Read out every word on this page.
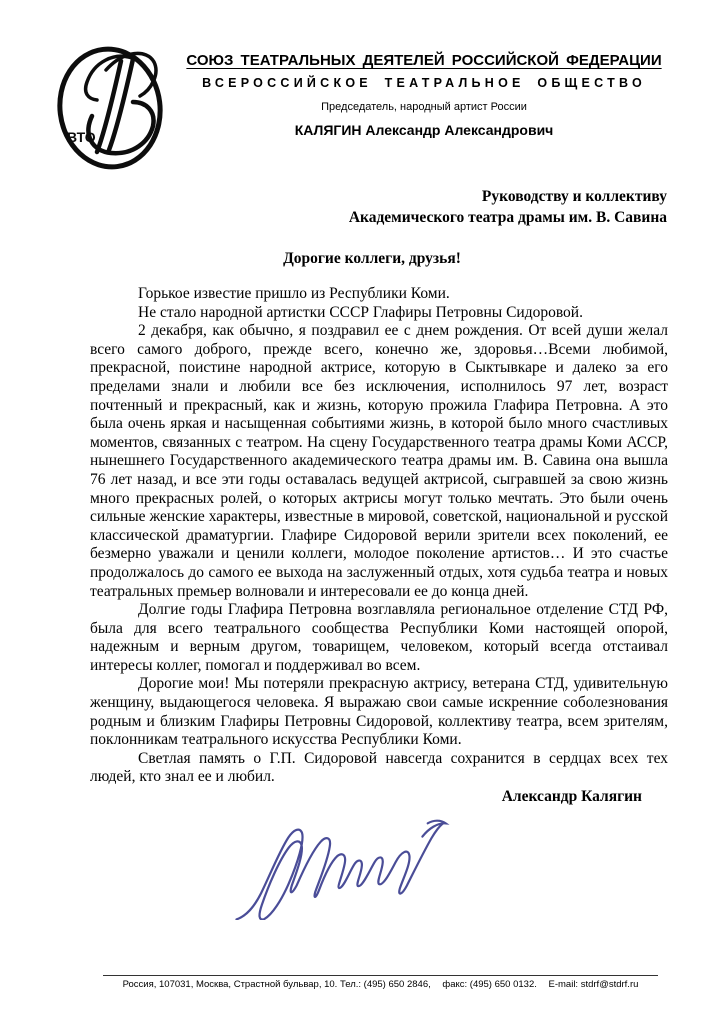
ВТО
СОЮЗ ТЕАТРАЛЬНЫХ ДЕЯТЕЛЕЙ РОССИЙСКОЙ ФЕДЕРАЦИИ
ВСЕРОССИЙСКОЕ ТЕАТРАЛЬНОЕ ОБЩЕСТВО
Председатель, народный артист России
КАЛЯГИН Александр Александрович
Руководству и коллективу
Академического театра драмы им. В. Савина
Дорогие коллеги, друзья!

Горькое известие пришло из Республики Коми.

Не стало народной артистки СССР Глафиры Петровны Сидоровой.

2 декабря, как обычно, я поздравил ее с днем рождения. От всей души желал всего самого доброго, прежде всего, конечно же, здоровья…Всеми любимой, прекрасной, поистине народной актрисе, которую в Сыктывкаре и далеко за его пределами знали и любили все без исключения, исполнилось 97 лет, возраст почтенный и прекрасный, как и жизнь, которую прожила Глафира Петровна. А это была очень яркая и насыщенная событиями жизнь, в которой было много счастливых моментов, связанных с театром. На сцену Государственного театра драмы Коми АССР, нынешнего Государственного академического театра драмы им. В. Савина она вышла 76 лет назад, и все эти годы оставалась ведущей актрисой, сыгравшей за свою жизнь много прекрасных ролей, о которых актрисы могут только мечтать. Это были очень сильные женские характеры, известные в мировой, советской, национальной и русской классической драматургии. Глафире Сидоровой верили зрители всех поколений, ее безмерно уважали и ценили коллеги, молодое поколение артистов… И это счастье продолжалось до самого ее выхода на заслуженный отдых, хотя судьба театра и новых театральных премьер волновали и интересовали ее до конца дней.

Долгие годы Глафира Петровна возглавляла региональное отделение СТД РФ, была для всего театрального сообщества Республики Коми настоящей опорой, надежным и верным другом, товарищем, человеком, который всегда отстаивал интересы коллег, помогал и поддерживал во всем.

Дорогие мои! Мы потеряли прекрасную актрису, ветерана СТД, удивительную женщину, выдающегося человека. Я выражаю свои самые искренние соболезнования родным и близким Глафиры Петровны Сидоровой, коллективу театра, всем зрителям, поклонникам театрального искусства Республики Коми.

Светлая память о Г.П. Сидоровой навсегда сохранится в сердцах всех тех людей, кто знал ее и любил.

Александр Калягин
Россия, 107031, Москва, Страстной бульвар, 10. Тел.: (495) 650 2846, факс: (495) 650 0132. E-mail: stdrf@stdrf.ru
